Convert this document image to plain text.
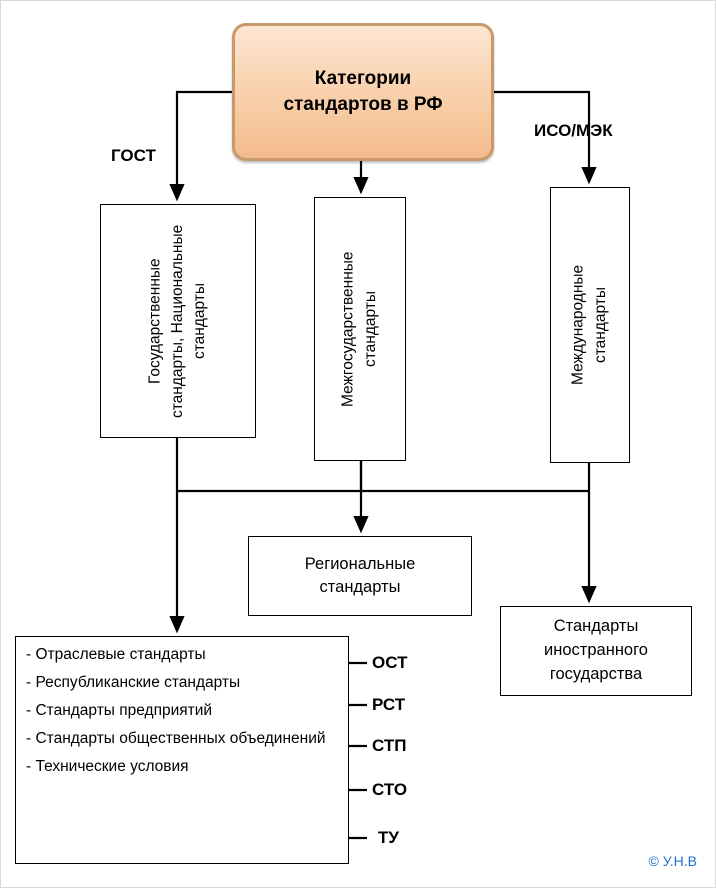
Категории
стандартов в РФ
ГОСТ
ИСО/МЭК
Государственные стандарты, Национальные стандарты	Межгосударственные стандарты	Международные стандарты
Региональные
стандарты
Стандарты
иностранного
государства
- Отраслевые стандарты
- Республиканские стандарты
- Стандарты предприятий
- Стандарты общественных объединений
- Технические условия
ОСТ
РСТ
СТП
СТО
ТУ
© У.Н.В
